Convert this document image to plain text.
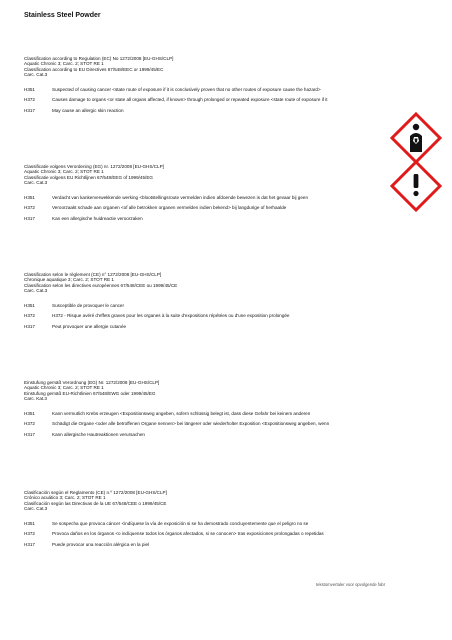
Stainless Steel Powder
Classification according to Regulation (EC) No 1272/2008 [EU-GHS/CLP]
Aquatic Chronic 3; Carc. 2; STOT RE 1
Classification according to EU Directives 67/548/EEC or 1999/45/EC
Carc. Cat.3
H351	Suspected of causing cancer <state route of exposure if it is conclusively proven that no other routes of exposure cause the hazard>
H372	Causes damage to organs <or state all organs affected, if known> through prolonged or repeated exposure <state route of exposure if it
H317	May cause an allergic skin reaction
Classificatie volgens Verordening (EG) nr. 1272/2008 [EU-GHS/CLP]
Aquatic Chronic 3; Carc. 2; STOT RE 1
Classificatie volgens EU Richtlijnen 67/548/EEG of 1999/45/EG
Carc. Cat.3
H351	Verdacht van kankerverwekkende werking <blootstellingsroute vermelden indien afdoende bewezen is dat het gevaar bij geen
H372	Veroorzaakt schade aan organen <of alle betrokken organen vermelden indien bekend> bij langdurige of herhaalde
H317	Kan een allergische huidreactie veroorzaken
Classification selon le règlement (CE) n° 1272/2008 [EU-GHS/CLP]
Chronique aquatique 3; Carc. 2; STOT RE 1
Classification selon les directives européennes 67/548/CEE ou 1999/45/CE
Carc. Cat.3
H351	Susceptible de provoquer le cancer
H372	H372 - Risque avéré d'effets graves pour les organes à la suite d'expositions répétées ou d'une exposition prolongée
H317	Peut provoquer une allergie cutanée
Einstufung gemäß Verordnung (EG) Nr. 1272/2008 [EU-GHS/CLP]
Aquatic Chronic 3; Carc. 2; STOT RE 1
Einstufung gemäß EU-Richtlinien 67/548/EWG oder 1999/45/EG
Carc. Kat.3
H351	Kann vermutlich Krebs erzeugen <Expositionsweg angeben, sofern schlüssig belegt ist, dass diese Gefahr bei keinem anderen
H372	Schädigt die Organe <oder alle betroffenen Organe nennen> bei längerer oder wiederholter Exposition <Expositionsweg angeben, wenn
H317	Kann allergische Hautreaktionen verursachen
Clasificación según el Reglamento (CE) n.º 1272/2008 [EU-GHS/CLP]
Crónico acuático 3; Carc. 2; STOT RE 1
Clasificación según las Directivas de la UE 67/548/CEE o 1999/45/CE
Carc. Cat.3
H351	Se sospecha que provoca cáncer <indíquese la vía de exposición si se ha demostrado concluyentemente que el peligro no se
H372	Provoca daños en los órganos <o indíquense todos los órganos afectados, si se conocen> tras exposiciones prolongadas o repetidas
H317	Puede provocar una reacción alérgica en la piel
tekstomvertaler voor opvolgende fabr
